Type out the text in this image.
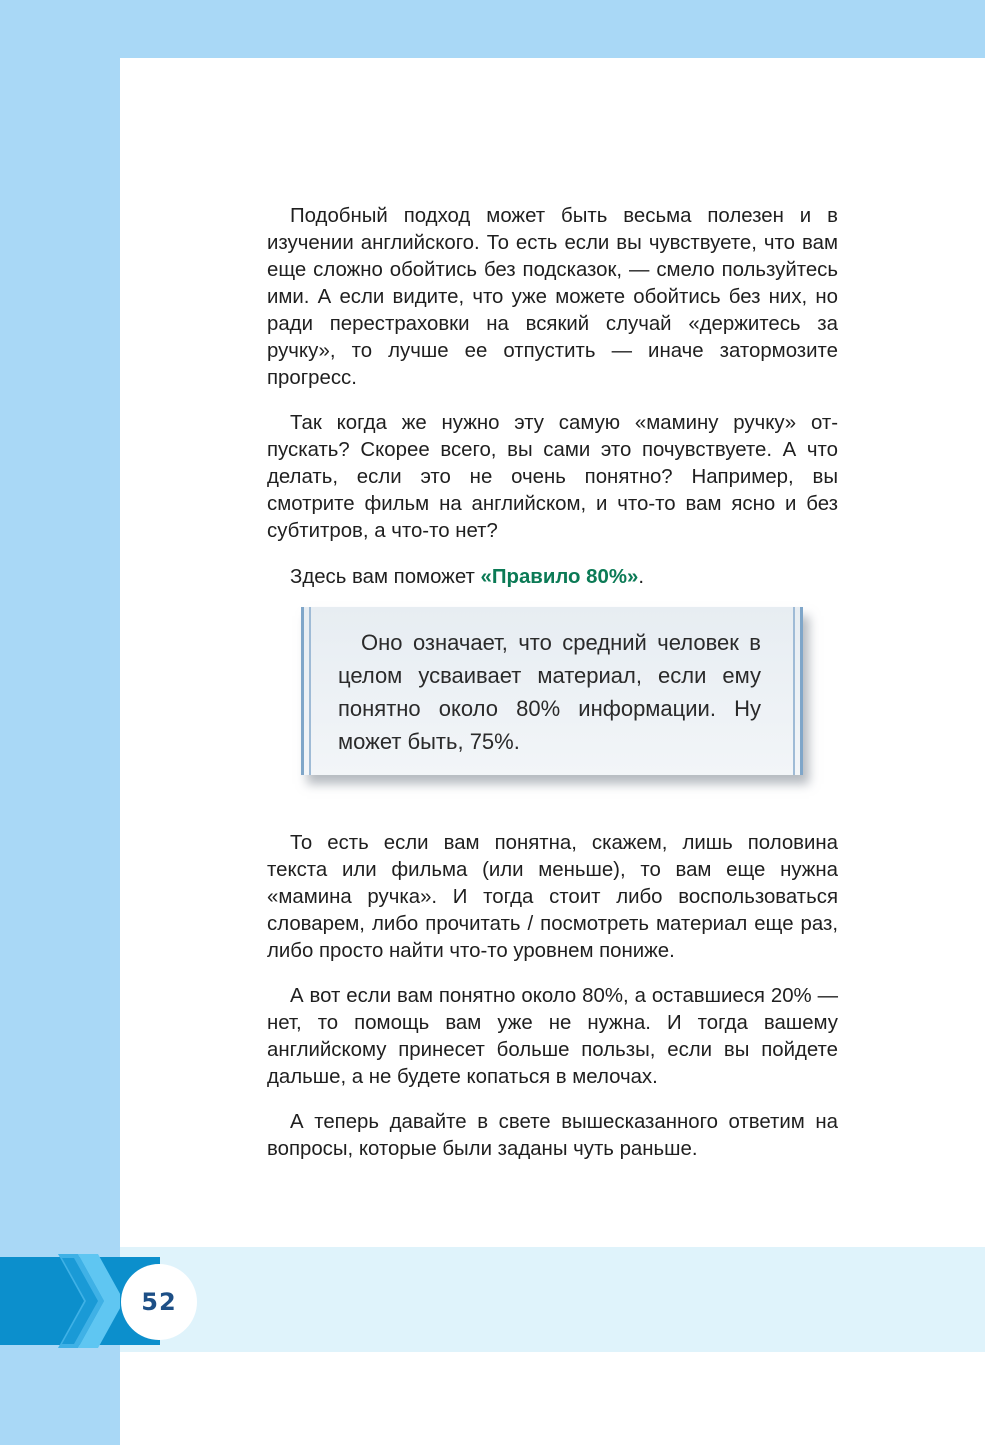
Подобный подход может быть весьма полезен и в изучении английского. То есть если вы чувствуете, что вам еще сложно обойтись без подсказок, — смело пользуйтесь ими. А если видите, что уже можете обойтись без них, но ради перестраховки на всякий случай «держитесь за ручку», то лучше ее отпустить — иначе затормозите прогресс.

Так когда же нужно эту самую «мамину ручку» отпускать? Скорее всего, вы сами это почувствуете. А что делать, если это не очень понятно? Например, вы смотрите фильм на английском, и что-то вам ясно и без субтитров, а что-то нет?

Здесь вам поможет «Правило 80%».

Оно означает, что средний человек в целом усваивает материал, если ему понятно около 80% информации. Ну может быть, 75%.

То есть если вам понятна, скажем, лишь половина текста или фильма (или меньше), то вам еще нужна «мамина ручка». И тогда стоит либо воспользоваться словарем, либо прочитать / посмотреть материал еще раз, либо просто найти что-то уровнем пониже.

А вот если вам понятно около 80%, а оставшиеся 20% — нет, то помощь вам уже не нужна. И тогда вашему английскому принесет больше пользы, если вы пойдете дальше, а не будете копаться в мелочах.

А теперь давайте в свете вышесказанного ответим на вопросы, которые были заданы чуть раньше.

52
